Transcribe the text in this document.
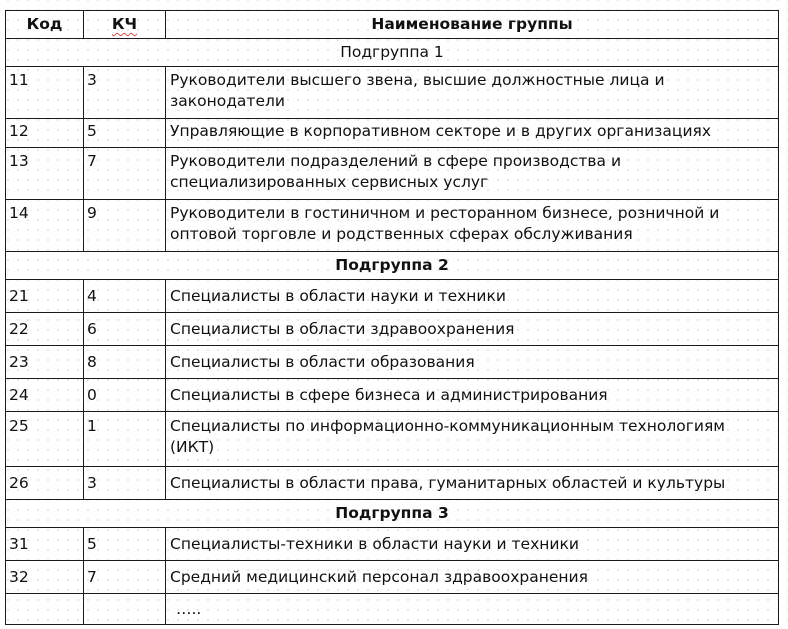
Код	КЧ	Наименование группы
Подгруппа 1		
11	3	Руководители высшего звена, высшие должностные лица и законодатели
12	5	Управляющие в корпоративном секторе и в других организациях
13	7	Руководители подразделений в сфере производства и специализированных сервисных услуг
14	9	Руководители в гостиничном и ресторанном бизнесе, розничной и оптовой торговле и родственных сферах обслуживания
Подгруппа 2		
21	4	Специалисты в области науки и техники
22	6	Специалисты в области здравоохранения
23	8	Специалисты в области образования
24	0	Специалисты в сфере бизнеса и администрирования
25	1	Специалисты по информационно-коммуникационным технологиям (ИКТ)
26	3	Специалисты в области права, гуманитарных областей и культуры
Подгруппа 3		
31	5	Специалисты-техники в области науки и техники
32	7	Средний медицинский персонал здравоохранения
		…..
